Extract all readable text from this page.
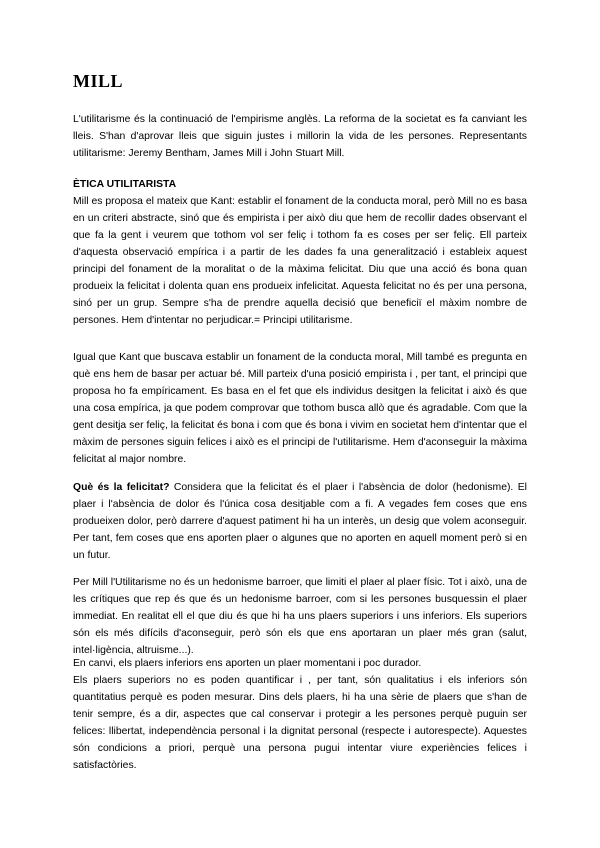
MILL

L'utilitarisme és la continuació de l'empirisme anglès. La reforma de la societat es fa canviant les lleis. S'han d'aprovar lleis que siguin justes i millorin la vida de les persones. Representants utilitarisme: Jeremy Bentham, James Mill i John Stuart Mill.

ÈTICA UTILITARISTA

Mill es proposa el mateix que Kant: establir el fonament de la conducta moral, però Mill no es basa en un criteri abstracte, sinó que és empirista i per això diu que hem de recollir dades observant el que fa la gent i veurem que tothom vol ser feliç i tothom fa es coses per ser feliç. Ell parteix d'aquesta observació empírica i a partir de les dades fa una generalització i estableix aquest principi del fonament de la moralitat o de la màxima felicitat. Diu que una acció és bona quan produeix la felicitat i dolenta quan ens produeix infelicitat. Aquesta felicitat no és per una persona, sinó per un grup. Sempre s'ha de prendre aquella decisió que beneficiï el màxim nombre de persones. Hem d'intentar no perjudicar.= Principi utilitarisme.

Igual que Kant que buscava establir un fonament de la conducta moral, Mill també es pregunta en què ens hem de basar per actuar bé. Mill parteix d'una posició empirista i , per tant, el principi que proposa ho fa empíricament. Es basa en el fet que els individus desitgen la felicitat i això és que una cosa empírica, ja que podem comprovar que tothom busca allò que és agradable. Com que la gent desitja ser feliç, la felicitat és bona i com que és bona i vivim en societat hem d'intentar que el màxim de persones siguin felices i això es el principi de l'utilitarisme. Hem d'aconseguir la màxima felicitat al major nombre.

Què és la felicitat? Considera que la felicitat és el plaer i l'absència de dolor (hedonisme). El plaer i l'absència de dolor és l'única cosa desitjable com a fi. A vegades fem coses que ens produeixen dolor, però darrere d'aquest patiment hi ha un interès, un desig que volem aconseguir. Per tant, fem coses que ens aporten plaer o algunes que no aporten en aquell moment però si en un futur.

Per Mill l'Utilitarisme no és un hedonisme barroer, que limiti el plaer al plaer físic. Tot i això, una de les crítiques que rep és que és un hedonisme barroer, com si les persones busquessin el plaer immediat. En realitat ell el que diu és que hi ha uns plaers superiors i uns inferiors. Els superiors són els més difícils d'aconseguir, però són els que ens aportaran un plaer més gran (salut, intel·ligència, altruisme...).

En canvi, els plaers inferiors ens aporten un plaer momentani i poc durador.

Els plaers superiors no es poden quantificar i , per tant, són qualitatius i els inferiors són quantitatius perquè es poden mesurar. Dins dels plaers, hi ha una sèrie de plaers que s'han de tenir sempre, és a dir, aspectes que cal conservar i protegir a les persones perquè puguin ser felices: llibertat, independència personal i la dignitat personal (respecte i autorespecte). Aquestes són condicions a priori, perquè una persona pugui intentar viure experiències felices i satisfactòries.
